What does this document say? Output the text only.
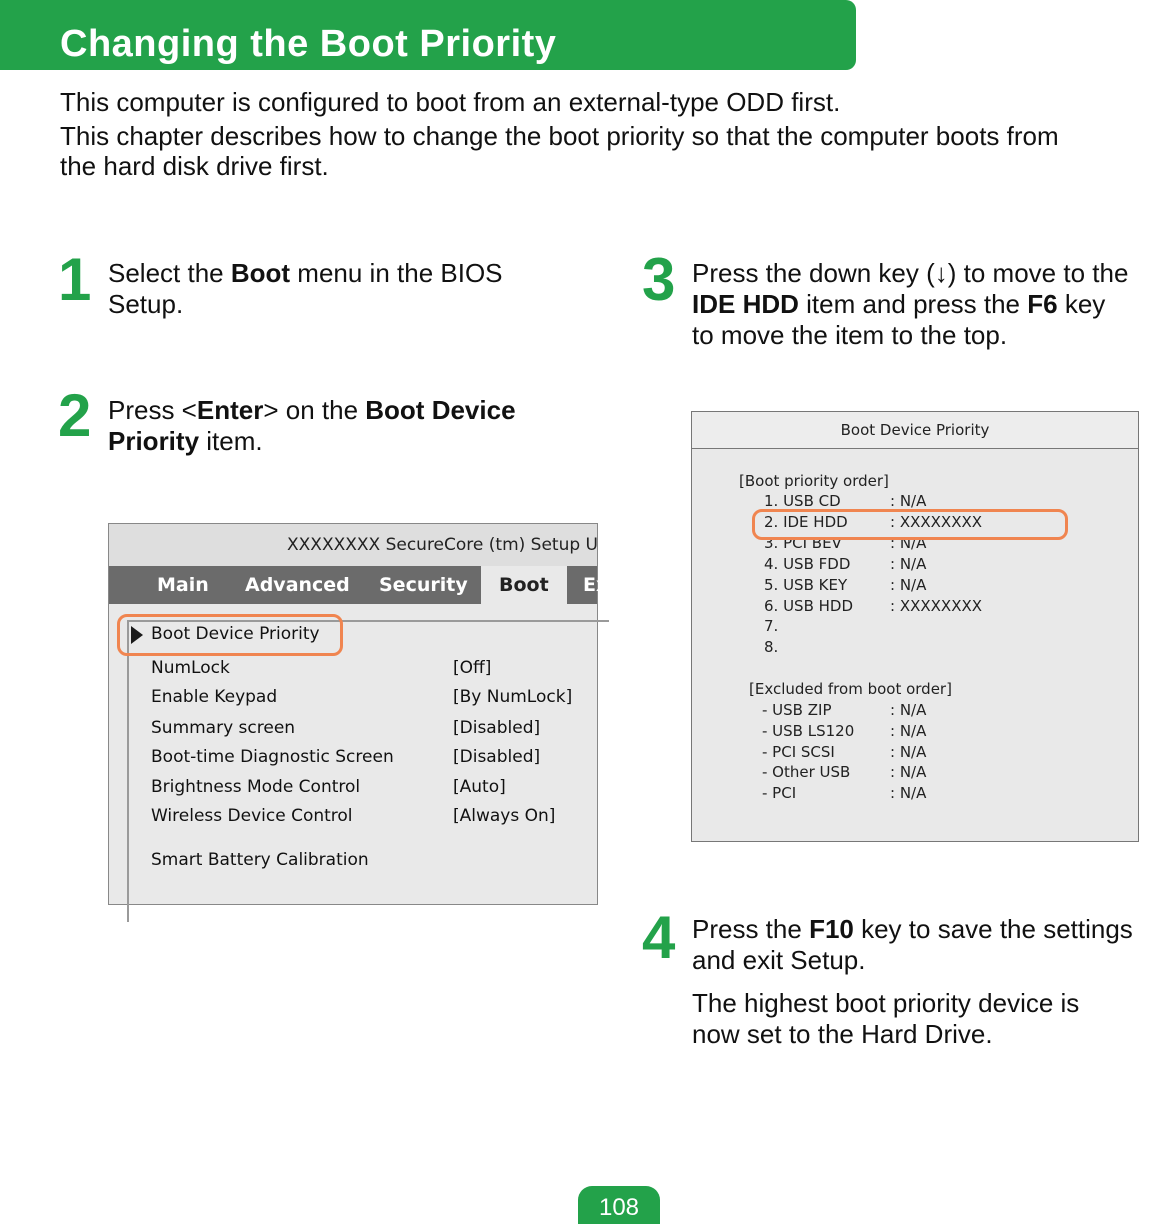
Changing the Boot Priority

This computer is configured to boot from an external-type ODD first.

This chapter describes how to change the boot priority so that the computer boots from

the hard disk drive first.

1 Select the Boot menu in the BIOS
Setup.

2 Press <Enter> on the Boot Device
Priority item.

XXXXXXXX SecureCore (tm) Setup U
Main Advanced Security	Boot	Ex
Boot Device Priority
NumLock	[Off]
Enable Keypad	[By NumLock]
Summary screen	[Disabled]
Boot-time Diagnostic Screen	[Disabled]
Brightness Mode Control	[Auto]
Wireless Device Control	[Always On]
Smart Battery Calibration
3 Press the down key (↓) to move to the
IDE HDD item and press the F6 key
to move the item to the top.

Boot Device Priority
[Boot priority order]
1. USB CD	: N/A
2. IDE HDD	: XXXXXXXX
3. PCI BEV	: N/A
4. USB FDD	: N/A
5. USB KEY	: N/A
6. USB HDD : XXXXXXXX
7.
8.
[Excluded from boot order]
- USB ZIP	: N/A
- USB LS120 : N/A
- PCI SCSI	: N/A
- Other USB	: N/A
- PCI	: N/A
4 Press the F10 key to save the settings
and exit Setup.

The highest boot priority device is
now set to the Hard Drive.

108
